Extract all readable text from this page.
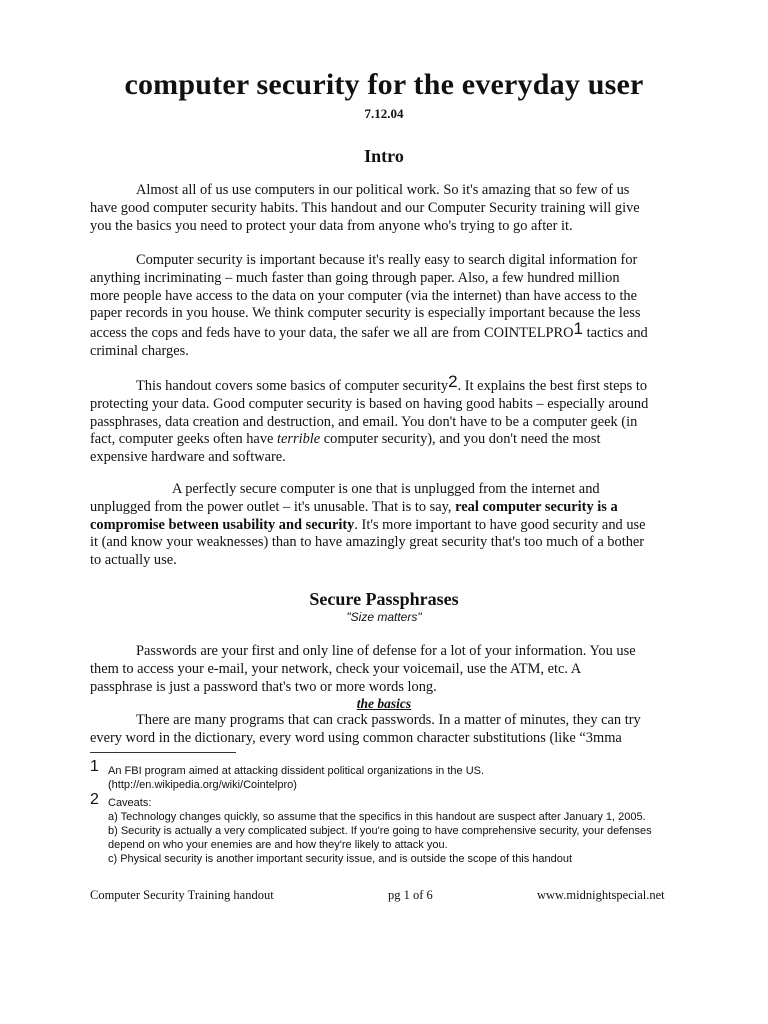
computer security for the everyday user
7.12.04
Intro
Almost all of us use computers in our political work. So it's amazing that so few of us
have good computer security habits. This handout and our Computer Security training will give
you the basics you need to protect your data from anyone who's trying to go after it.
Computer security is important because it's really easy to search digital information for
anything incriminating – much faster than going through paper. Also, a few hundred million
more people have access to the data on your computer (via the internet) than have access to the
paper records in you house. We think computer security is especially important because the less
access the cops and feds have to your data, the safer we all are from COINTELPRO1 tactics and
criminal charges.
This handout covers some basics of computer security2. It explains the best first steps to
protecting your data. Good computer security is based on having good habits – especially around
passphrases, data creation and destruction, and email. You don't have to be a computer geek (in
fact, computer geeks often have terrible computer security), and you don't need the most
expensive hardware and software.
A perfectly secure computer is one that is unplugged from the internet and
unplugged from the power outlet – it's unusable. That is to say, real computer security is a
compromise between usability and security. It's more important to have good security and use
it (and know your weaknesses) than to have amazingly great security that's too much of a bother
to actually use.
Secure Passphrases
"Size matters"
Passwords are your first and only line of defense for a lot of your information. You use
them to access your e-mail, your network, check your voicemail, use the ATM, etc. A
passphrase is just a password that's two or more words long.
the basics
There are many programs that can crack passwords. In a matter of minutes, they can try
every word in the dictionary, every word using common character substitutions (like “3mma
1 An FBI program aimed at attacking dissident political organizations in the US.
(http://en.wikipedia.org/wiki/Cointelpro)
2 Caveats:
a) Technology changes quickly, so assume that the specifics in this handout are suspect after January 1, 2005.
b) Security is actually a very complicated subject. If you're going to have comprehensive security, your defenses
depend on who your enemies are and how they're likely to attack you.
c) Physical security is another important security issue, and is outside the scope of this handout
Computer Security Training handout	pg 1 of 6	www.midnightspecial.net
